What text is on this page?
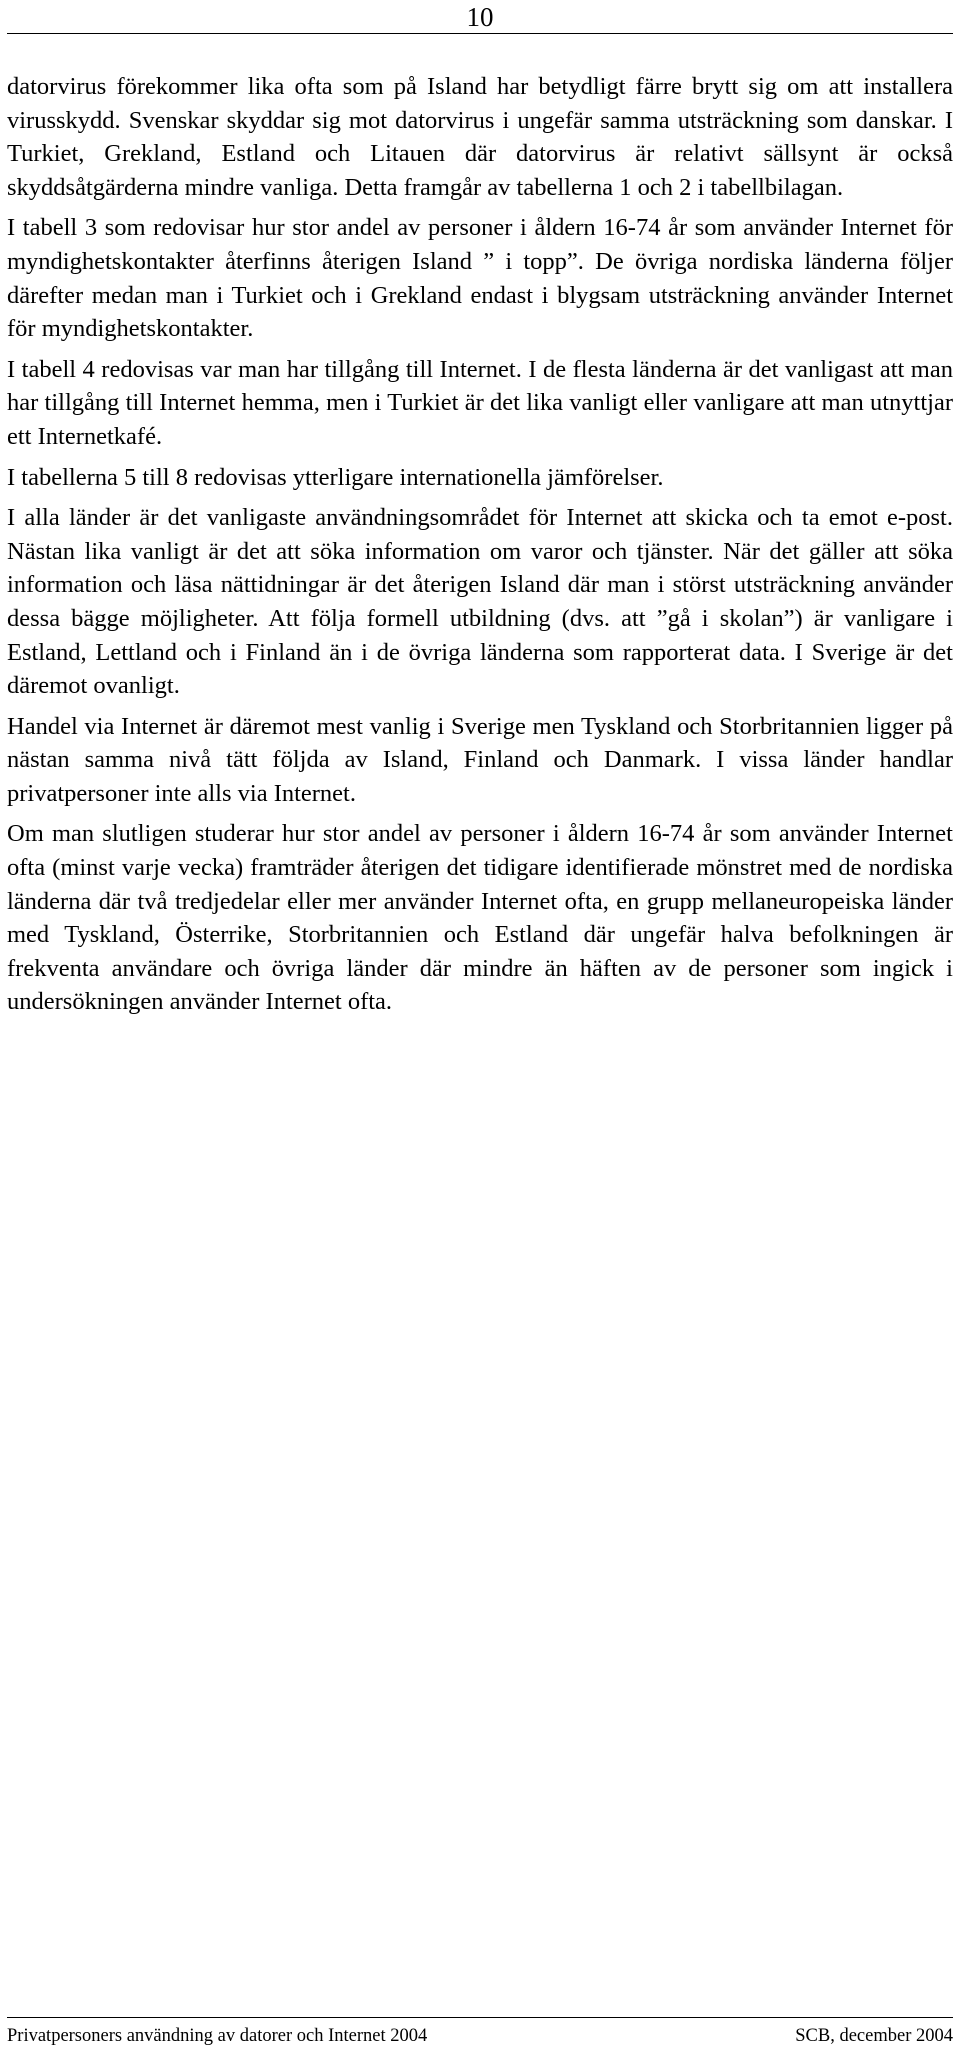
10

datorvirus förekommer lika ofta som på Island har betydligt färre brytt sig om att installera virusskydd. Svenskar skyddar sig mot datorvirus i ungefär samma utsträckning som danskar. I Turkiet, Grekland, Estland och Litauen där datorvirus är relativt sällsynt är också skyddsåtgärderna mindre vanliga. Detta framgår av tabellerna 1 och 2 i tabellbilagan.

I tabell 3 som redovisar hur stor andel av personer i åldern 16-74 år som använder Internet för myndighetskontakter återfinns återigen Island ” i topp”. De övriga nordiska länderna följer därefter medan man i Turkiet och i Grekland endast i blygsam utsträckning använder Internet för myndighetskontakter.

I tabell 4 redovisas var man har tillgång till Internet. I de flesta länderna är det vanligast att man har tillgång till Internet hemma, men i Turkiet är det lika vanligt eller vanligare att man utnyttjar ett Internetkafé.

I tabellerna 5 till 8 redovisas ytterligare internationella jämförelser.

I alla länder är det vanligaste användningsområdet för Internet att skicka och ta emot e-post. Nästan lika vanligt är det att söka information om varor och tjänster. När det gäller att söka information och läsa nättidningar är det återigen Island där man i störst utsträckning använder dessa bägge möjligheter. Att följa formell utbildning (dvs. att ”gå i skolan”) är vanligare i Estland, Lettland och i Finland än i de övriga länderna som rapporterat data. I Sverige är det däremot ovanligt.

Handel via Internet är däremot mest vanlig i Sverige men Tyskland och Storbritannien ligger på nästan samma nivå tätt följda av Island, Finland och Danmark. I vissa länder handlar privatpersoner inte alls via Internet.

Om man slutligen studerar hur stor andel av personer i åldern 16-74 år som använder Internet ofta (minst varje vecka) framträder återigen det tidigare identifierade mönstret med de nordiska länderna där två tredjedelar eller mer använder Internet ofta, en grupp mellaneuropeiska länder med Tyskland, Österrike, Storbritannien och Estland där ungefär halva befolkningen är frekventa användare och övriga länder där mindre än häften av de personer som ingick i undersökningen använder Internet ofta.

Privatpersoners användning av datorer och Internet 2004	SCB, december 2004
